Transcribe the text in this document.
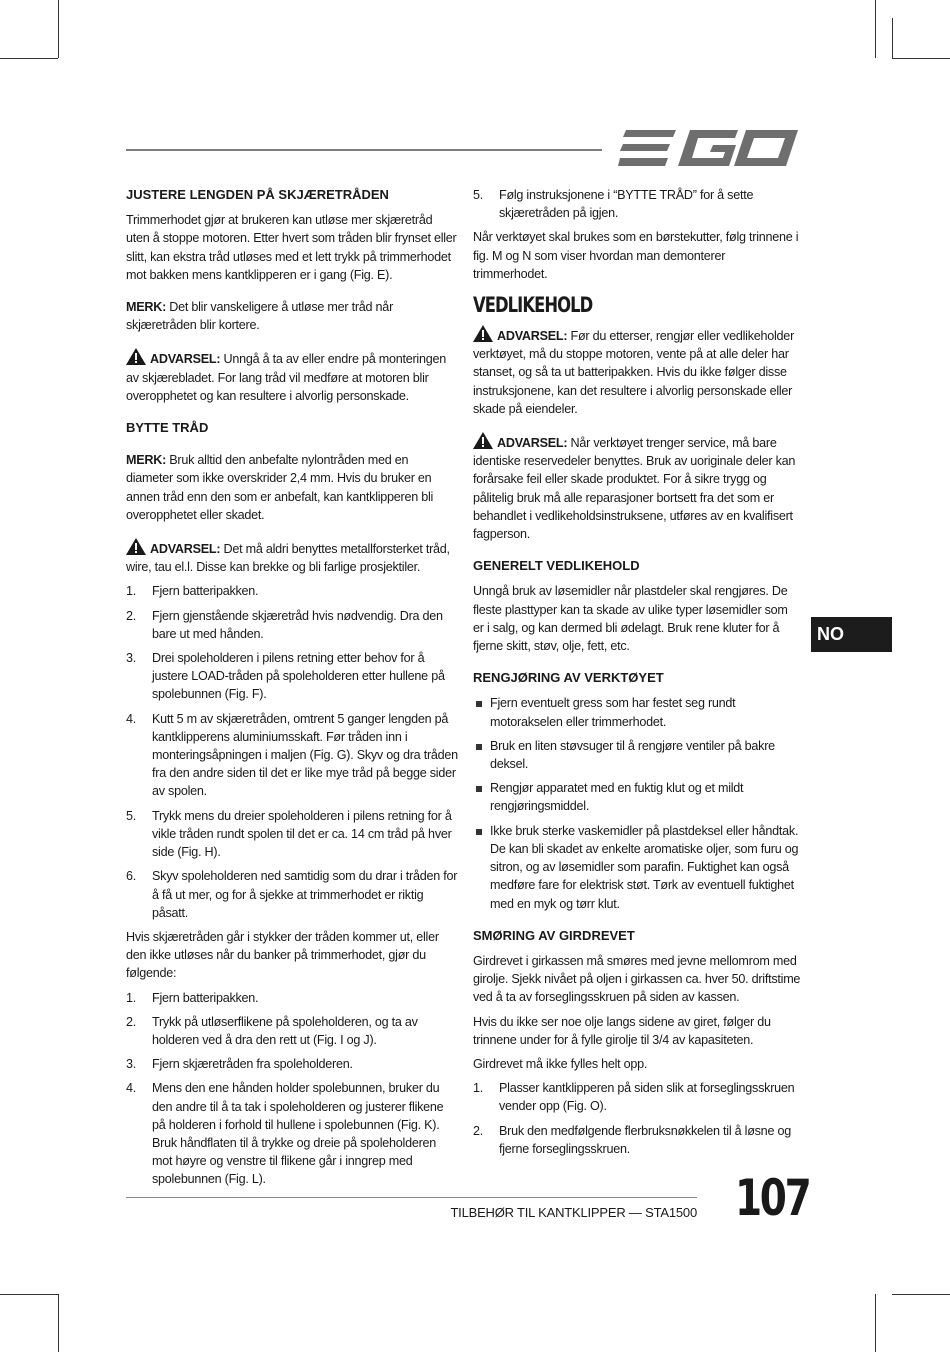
JUSTERE LENGDEN PÅ SKJÆRETRÅDEN

Trimmerhodet gjør at brukeren kan utløse mer skjæretråd uten å stoppe motoren. Etter hvert som tråden blir frynset eller slitt, kan ekstra tråd utløses med et lett trykk på trimmerhodet mot bakken mens kantklipperen er i gang (Fig. E).

MERK: Det blir vanskeligere å utløse mer tråd når skjæretråden blir kortere.

ADVARSEL: Unngå å ta av eller endre på monteringen av skjærebladet. For lang tråd vil medføre at motoren blir overopphetet og kan resultere i alvorlig personskade.

BYTTE TRÅD

MERK: Bruk alltid den anbefalte nylontråden med en diameter som ikke overskrider 2,4 mm. Hvis du bruker en annen tråd enn den som er anbefalt, kan kantklipperen bli overopphetet eller skadet.

ADVARSEL: Det må aldri benyttes metallforsterket tråd, wire, tau el.l. Disse kan brekke og bli farlige prosjektiler.

1. Fjern batteripakken.
2. Fjern gjenstående skjæretråd hvis nødvendig. Dra den bare ut med hånden.
3. Drei spoleholderen i pilens retning etter behov for å justere LOAD-tråden på spoleholderen etter hullene på spolebunnen (Fig. F).
4. Kutt 5 m av skjæretråden, omtrent 5 ganger lengden på kantklipperens aluminiumsskaft. Før tråden inn i monteringsåpningen i maljen (Fig. G). Skyv og dra tråden fra den andre siden til det er like mye tråd på begge sider av spolen.
5. Trykk mens du dreier spoleholderen i pilens retning for å vikle tråden rundt spolen til det er ca. 14 cm tråd på hver side (Fig. H).
6. Skyv spoleholderen ned samtidig som du drar i tråden for å få ut mer, og for å sjekke at trimmerhodet er riktig påsatt.

Hvis skjæretråden går i stykker der tråden kommer ut, eller den ikke utløses når du banker på trimmerhodet, gjør du følgende:

1. Fjern batteripakken.
2. Trykk på utløserflikene på spoleholderen, og ta av holderen ved å dra den rett ut (Fig. I og J).
3. Fjern skjæretråden fra spoleholderen.
4. Mens den ene hånden holder spolebunnen, bruker du den andre til å ta tak i spoleholderen og justerer flikene på holderen i forhold til hullene i spolebunnen (Fig. K). Bruk håndflaten til å trykke og dreie på spoleholderen mot høyre og venstre til flikene går i inngrep med spolebunnen (Fig. L).
5. Følg instruksjonene i “BYTTE TRÅD” for å sette skjæretråden på igjen.

Når verktøyet skal brukes som en børstekutter, følg trinnene i fig. M og N som viser hvordan man demonterer trimmerhodet.

VEDLIKEHOLD

ADVARSEL: Før du etterser, rengjør eller vedlikeholder verktøyet, må du stoppe motoren, vente på at alle deler har stanset, og så ta ut batteripakken. Hvis du ikke følger disse instruksjonene, kan det resultere i alvorlig personskade eller skade på eiendeler.

ADVARSEL: Når verktøyet trenger service, må bare identiske reservedeler benyttes. Bruk av uoriginale deler kan forårsake feil eller skade produktet. For å sikre trygg og pålitelig bruk må alle reparasjoner bortsett fra det som er behandlet i vedlikeholdsinstruksene, utføres av en kvalifisert fagperson.

GENERELT VEDLIKEHOLD

Unngå bruk av løsemidler når plastdeler skal rengjøres. De fleste plasttyper kan ta skade av ulike typer løsemidler som er i salg, og kan dermed bli ødelagt. Bruk rene kluter for å fjerne skitt, støv, olje, fett, etc.

RENGJØRING AV VERKTØYET
Fjern eventuelt gress som har festet seg rundt motorakselen eller trimmerhodet.
Bruk en liten støvsuger til å rengjøre ventiler på bakre deksel.
Rengjør apparatet med en fuktig klut og et mildt rengjøringsmiddel.
Ikke bruk sterke vaskemidler på plastdeksel eller håndtak. De kan bli skadet av enkelte aromatiske oljer, som furu og sitron, og av løsemidler som parafin. Fuktighet kan også medføre fare for elektrisk støt. Tørk av eventuell fuktighet med en myk og tørr klut.
SMØRING AV GIRDREVET

Girdrevet i girkassen må smøres med jevne mellomrom med girolje. Sjekk nivået på oljen i girkassen ca. hver 50. driftstime ved å ta av forseglingsskruen på siden av kassen.

Hvis du ikke ser noe olje langs sidene av giret, følger du trinnene under for å fylle girolje til 3/4 av kapasiteten.

Girdrevet må ikke fylles helt opp.

1. Plasser kantklipperen på siden slik at forseglingsskruen vender opp (Fig. O).
2. Bruk den medfølgende flerbruksnøkkelen til å løsne og fjerne forseglingsskruen.
NO
TILBEHØR TIL KANTKLIPPER — STA1500 107
